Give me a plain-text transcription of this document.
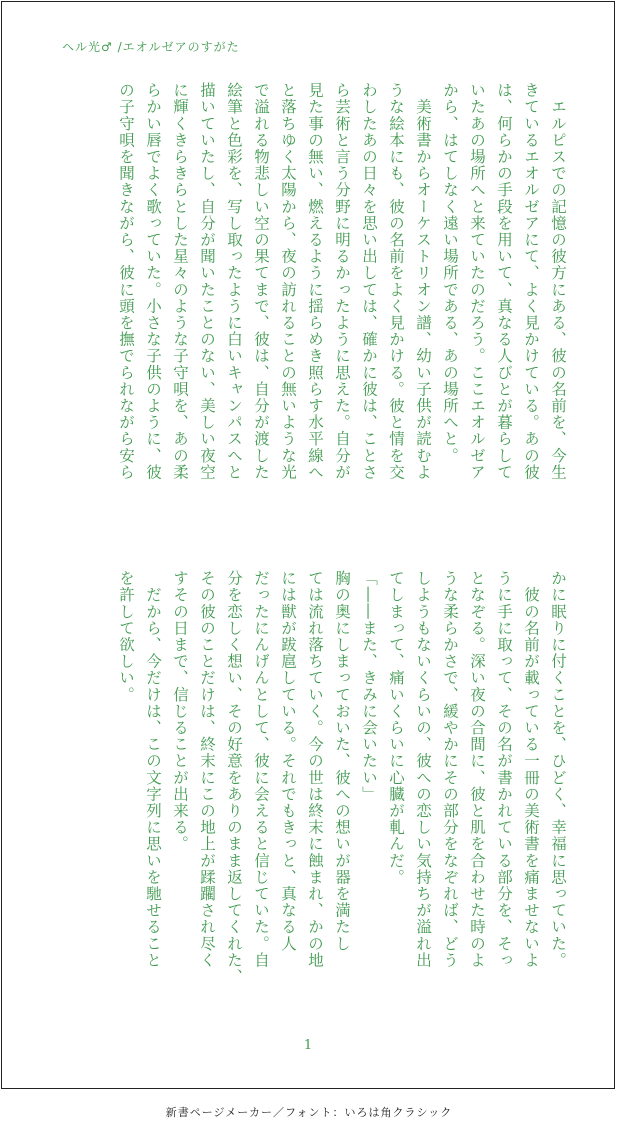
ヘル光♂ /エオルゼアのすがた
　エルピスでの記憶の彼方にある、彼の名前を、今生
きているエオルゼアにて、よく見かけている。あの彼
は、何らかの手段を用いて、真なる人びとが暮らして
いたあの場所へと来ていたのだろう。ここエオルゼア
から、はてしなく遠い場所である、あの場所へと。
　美術書からオーケストリオン譜、幼い子供が読むよ
うな絵本にも、彼の名前をよく見かける。彼と情を交
わしたあの日々を思い出しては、確かに彼は、ことさ
ら芸術と言う分野に明るかったように思えた。自分が
見た事の無い、燃えるように揺らめき照らす水平線へ
と落ちゆく太陽から、夜の訪れることの無いような光
で溢れる物悲しい空の果てまで、彼は、自分が渡した
絵筆と色彩を、写し取ったように白いキャンパスへと
描いていたし、自分が聞いたことのない、美しい夜空
に輝くきらきらとした星々のような子守唄を、あの柔
らかい唇でよく歌っていた。小さな子供のように、彼
の子守唄を聞きながら、彼に頭を撫でられながら安ら
かに眠りに付くことを、ひどく、幸福に思っていた。
　彼の名前が載っている一冊の美術書を痛ませないよ
うに手に取って、その名が書かれている部分を、そっ
となぞる。深い夜の合間に、彼と肌を合わせた時のよ
うな柔らかさで、緩やかにその部分をなぞれば、どう
しようもないくらいの、彼への恋しい気持ちが溢れ出
てしまって、痛いくらいに心臓が軋んだ。
「――また、きみに会いたい」
胸の奥にしまっておいた、彼への想いが器を満たし
ては流れ落ちていく。今の世は終末に蝕まれ、かの地
には獣が跋扈している。それでもきっと、真なる人
だったにんげんとして、彼に会えると信じていた。自
分を恋しく想い、その好意をありのまま返してくれた、
その彼のことだけは、終末にこの地上が蹂躙され尽く
すその日まで、信じることが出来る。
　だから、今だけは、この文字列に思いを馳せること
を許して欲しい。
1
新書ページメーカー／フォント：いろは角クラシック
